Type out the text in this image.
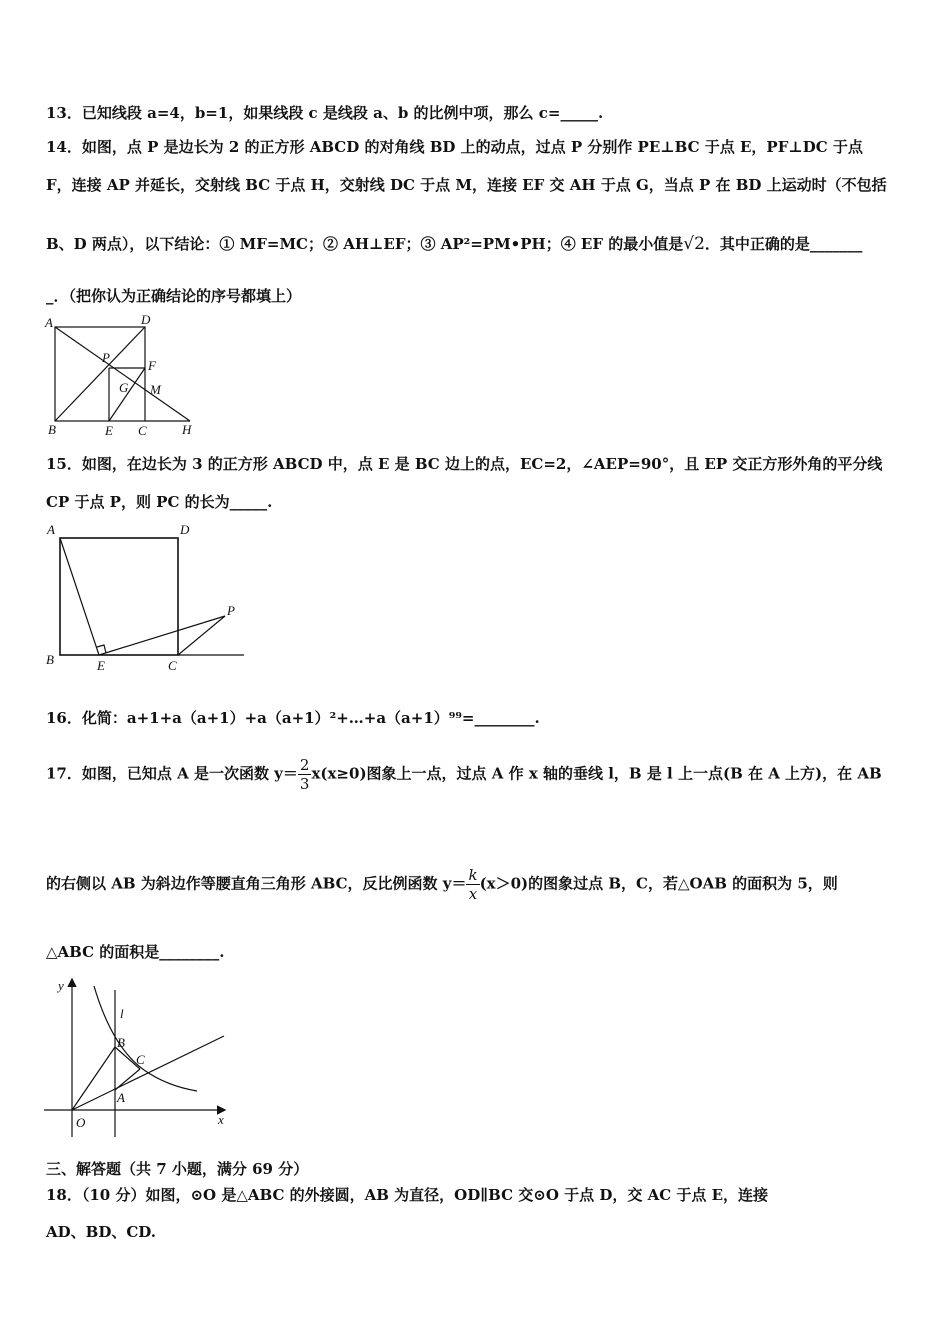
13．已知线段 a=4，b=1，如果线段 c 是线段 a、b 的比例中项，那么 c=_____.
14．如图，点 P 是边长为 2 的正方形 ABCD 的对角线 BD 上的动点，过点 P 分别作 PE⊥BC 于点 E，PF⊥DC 于点
F，连接 AP 并延长，交射线 BC 于点 H，交射线 DC 于点 M，连接 EF 交 AH 于点 G，当点 P 在 BD 上运动时（不包括
B、D 两点），以下结论：① MF=MC；② AH⊥EF；③ AP²=PM•PH；④ EF 的最小值是√2．其中正确的是_______
_．（把你认为正确结论的序号都填上）
A	D
P
F
G M
B	E C	H
15．如图，在边长为 3 的正方形 ABCD 中，点 E 是 BC 边上的点，EC=2，∠AEP=90°，且 EP 交正方形外角的平分线
CP 于点 P，则 PC 的长为_____.
A	D
B	E	C
P
16．化简：a+1+a（a+1）+a（a+1）²+…+a（a+1）⁹⁹=________.
17．如图，已知点 A 是一次函数 $y= \frac{2}{3} x(x\ge 0)$图象上一点，过点 A 作 x 轴的垂线 l，B 是 l 上一点(B 在 A 上方)，在 AB
的右侧以 AB 为斜边作等腰直角三角形 ABC，反比例函数 $y= \frac{k}{x} (x>0)$的图象过点 B，C，若△OAB 的面积为 5，则
△ABC 的面积是________.
y
l
B
C
A
O	x
三、解答题（共 7 小题，满分 69 分）
18．（10 分）如图，⊙O 是△ABC 的外接圆，AB 为直径，OD∥BC 交⊙O 于点 D，交 AC 于点 E，连接
AD、BD、CD.
